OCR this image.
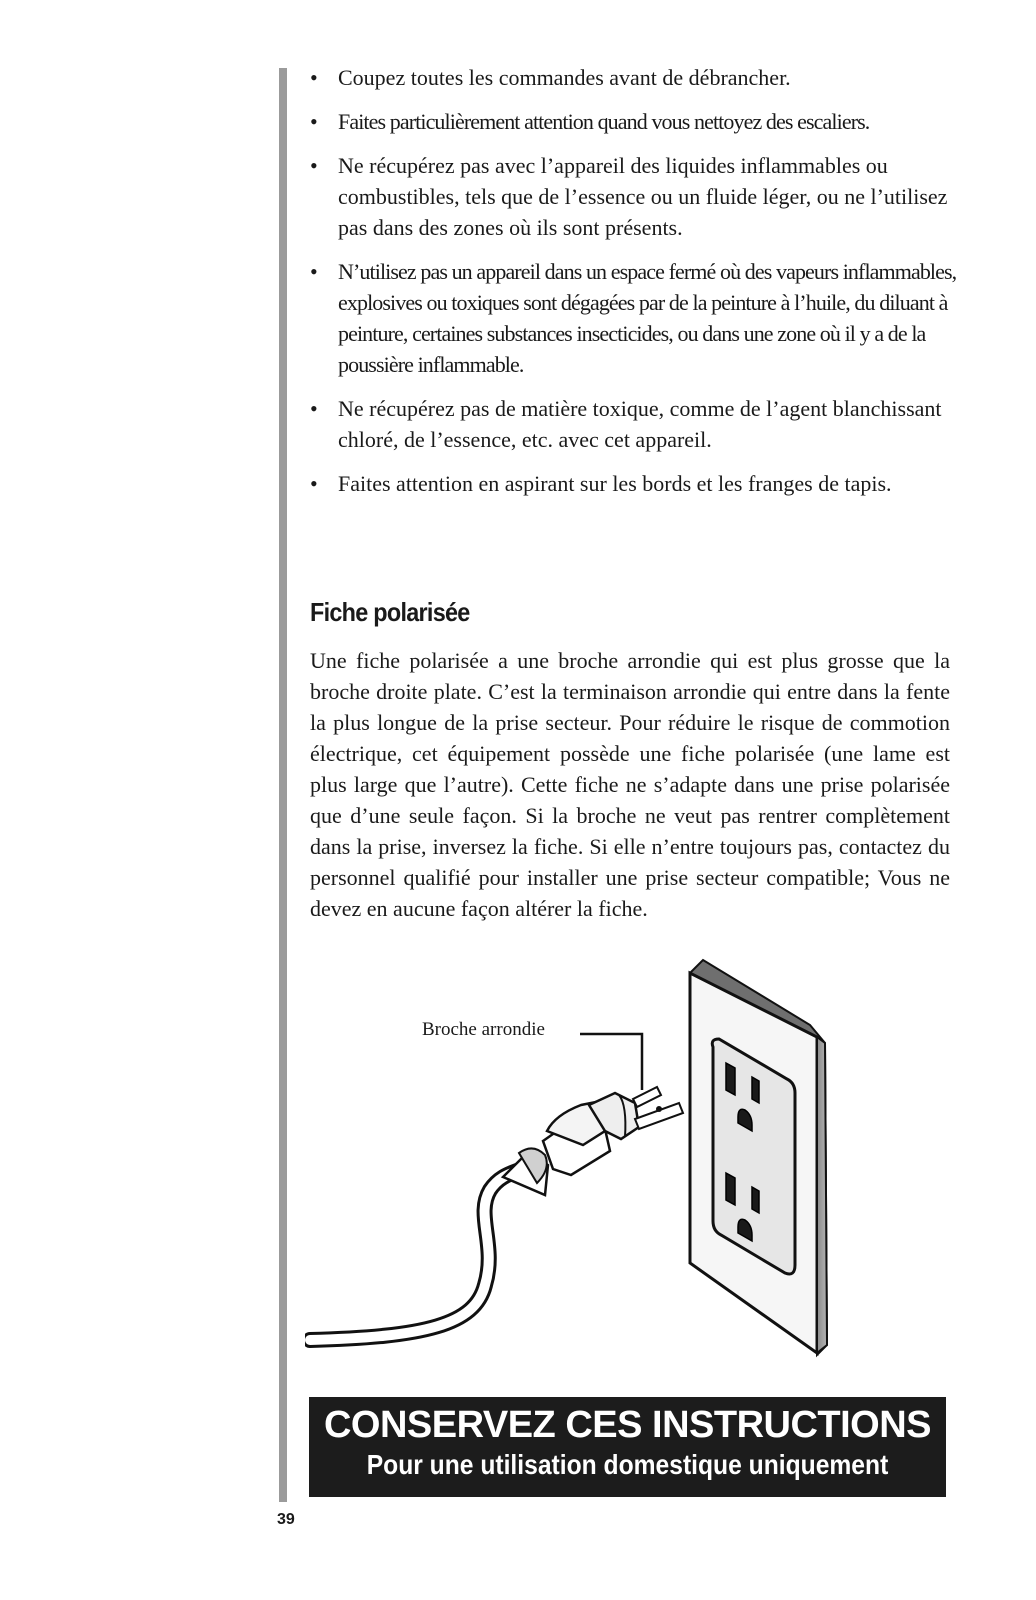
• Coupez toutes les commandes avant de débrancher.
• Faites particulièrement attention quand vous nettoyez des escaliers.
• Ne récupérez pas avec l’appareil des liquides inflammables ou combustibles, tels que de l’essence ou un fluide léger, ou ne l’utilisez pas dans des zones où ils sont présents.
• N’utilisez pas un appareil dans un espace fermé où des vapeurs inflammables, explosives ou toxiques sont dégagées par de la peinture à l’huile, du diluant à peinture, certaines substances insecticides, ou dans une zone où il y a de la poussière inflammable.
• Ne récupérez pas de matière toxique, comme de l’agent blanchissant chloré, de l’essence, etc. avec cet appareil.
• Faites attention en aspirant sur les bords et les franges de tapis.
Fiche polarisée

Une fiche polarisée a une broche arrondie qui est plus grosse que la broche droite plate. C’est la terminaison arrondie qui entre dans la fente la plus longue de la prise secteur. Pour réduire le risque de commotion électrique, cet équipement possède une fiche polarisée (une lame est plus large que l’autre). Cette fiche ne s’adapte dans une prise polarisée que d’une seule façon. Si la broche ne veut pas rentrer complètement dans la prise, inversez la fiche. Si elle n’entre toujours pas, contactez du personnel qualifié pour installer une prise secteur compatible; Vous ne devez en aucune façon altérer la fiche.

Broche arrondie

CONSERVEZ CES INSTRUCTIONS
Pour une utilisation domestique uniquement
39
